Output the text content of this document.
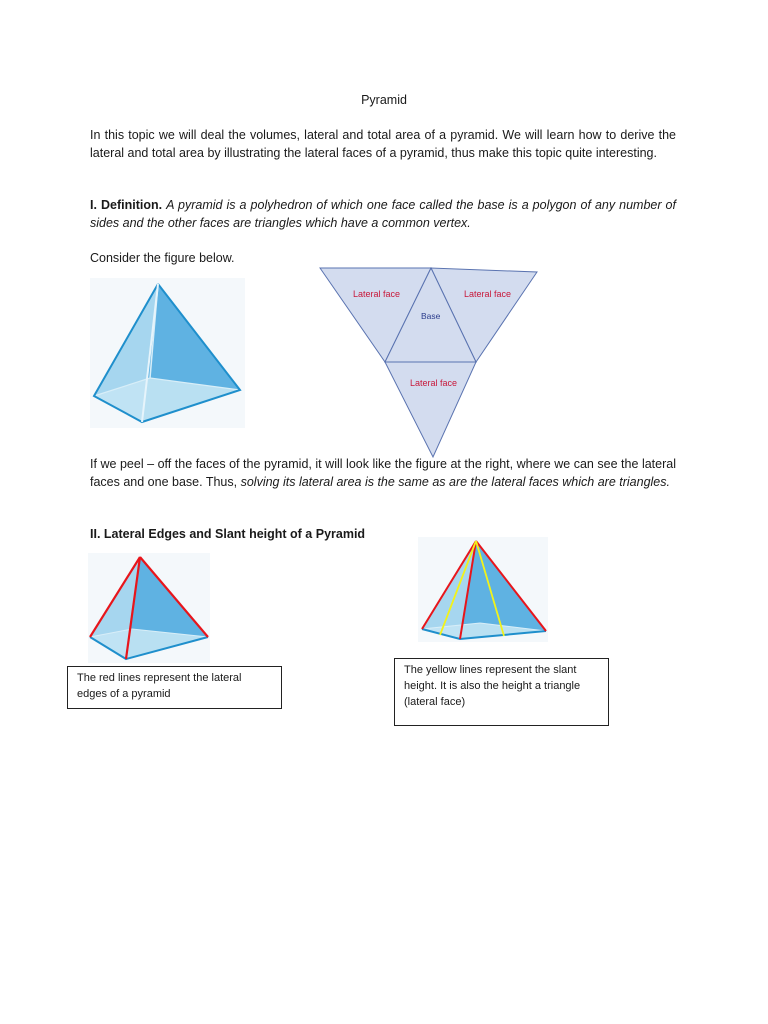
Pyramid

In this topic we will deal the volumes, lateral and total area of a pyramid. We will learn how to derive the lateral and total area by illustrating the lateral faces of a pyramid, thus make this topic quite interesting.

I. Definition. A pyramid is a polyhedron of which one face called the base is a polygon of any number of sides and the other faces are triangles which have a common vertex.

Consider the figure below.

Lateral face	Lateral face
Base
Lateral face

If we peel – off the faces of the pyramid, it will look like the figure at the right, where we can see the lateral faces and one base. Thus, solving its lateral area is the same as are the lateral faces which are triangles.

II. Lateral Edges and Slant height of a Pyramid

The red lines represent the lateral edges of a pyramid
The yellow lines represent the slant height. It is also the height a triangle (lateral face)
